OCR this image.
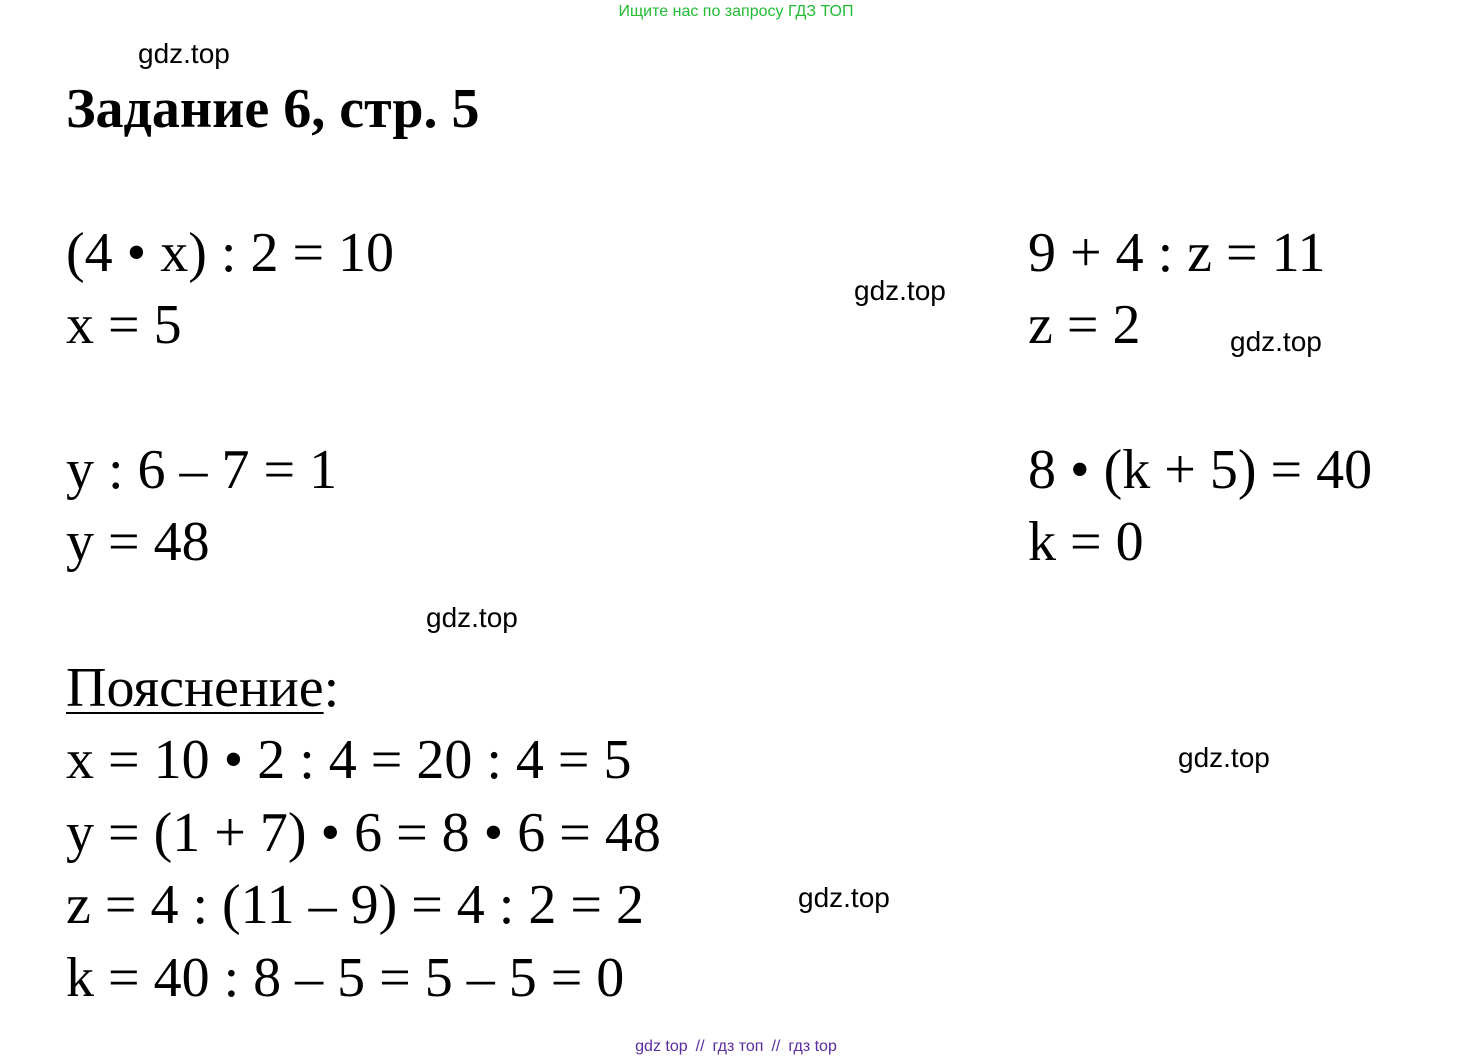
Ищите нас по запросу ГДЗ ТОП
gdz.top
Задание 6, стр. 5
(4 • x) : 2 = 10
x = 5
gdz.top
9 + 4 : z = 11
z = 2	gdz.top
y : 6 – 7 = 1
y = 48
8 • (k + 5) = 40
k = 0
gdz.top
Пояснение:
x = 10 • 2 : 4 = 20 : 4 = 5
y = (1 + 7) • 6 = 8 • 6 = 48
z = 4 : (11 – 9) = 4 : 2 = 2
k = 40 : 8 – 5 = 5 – 5 = 0
gdz.top
gdz.top
gdz top // гдз топ // гдз top
